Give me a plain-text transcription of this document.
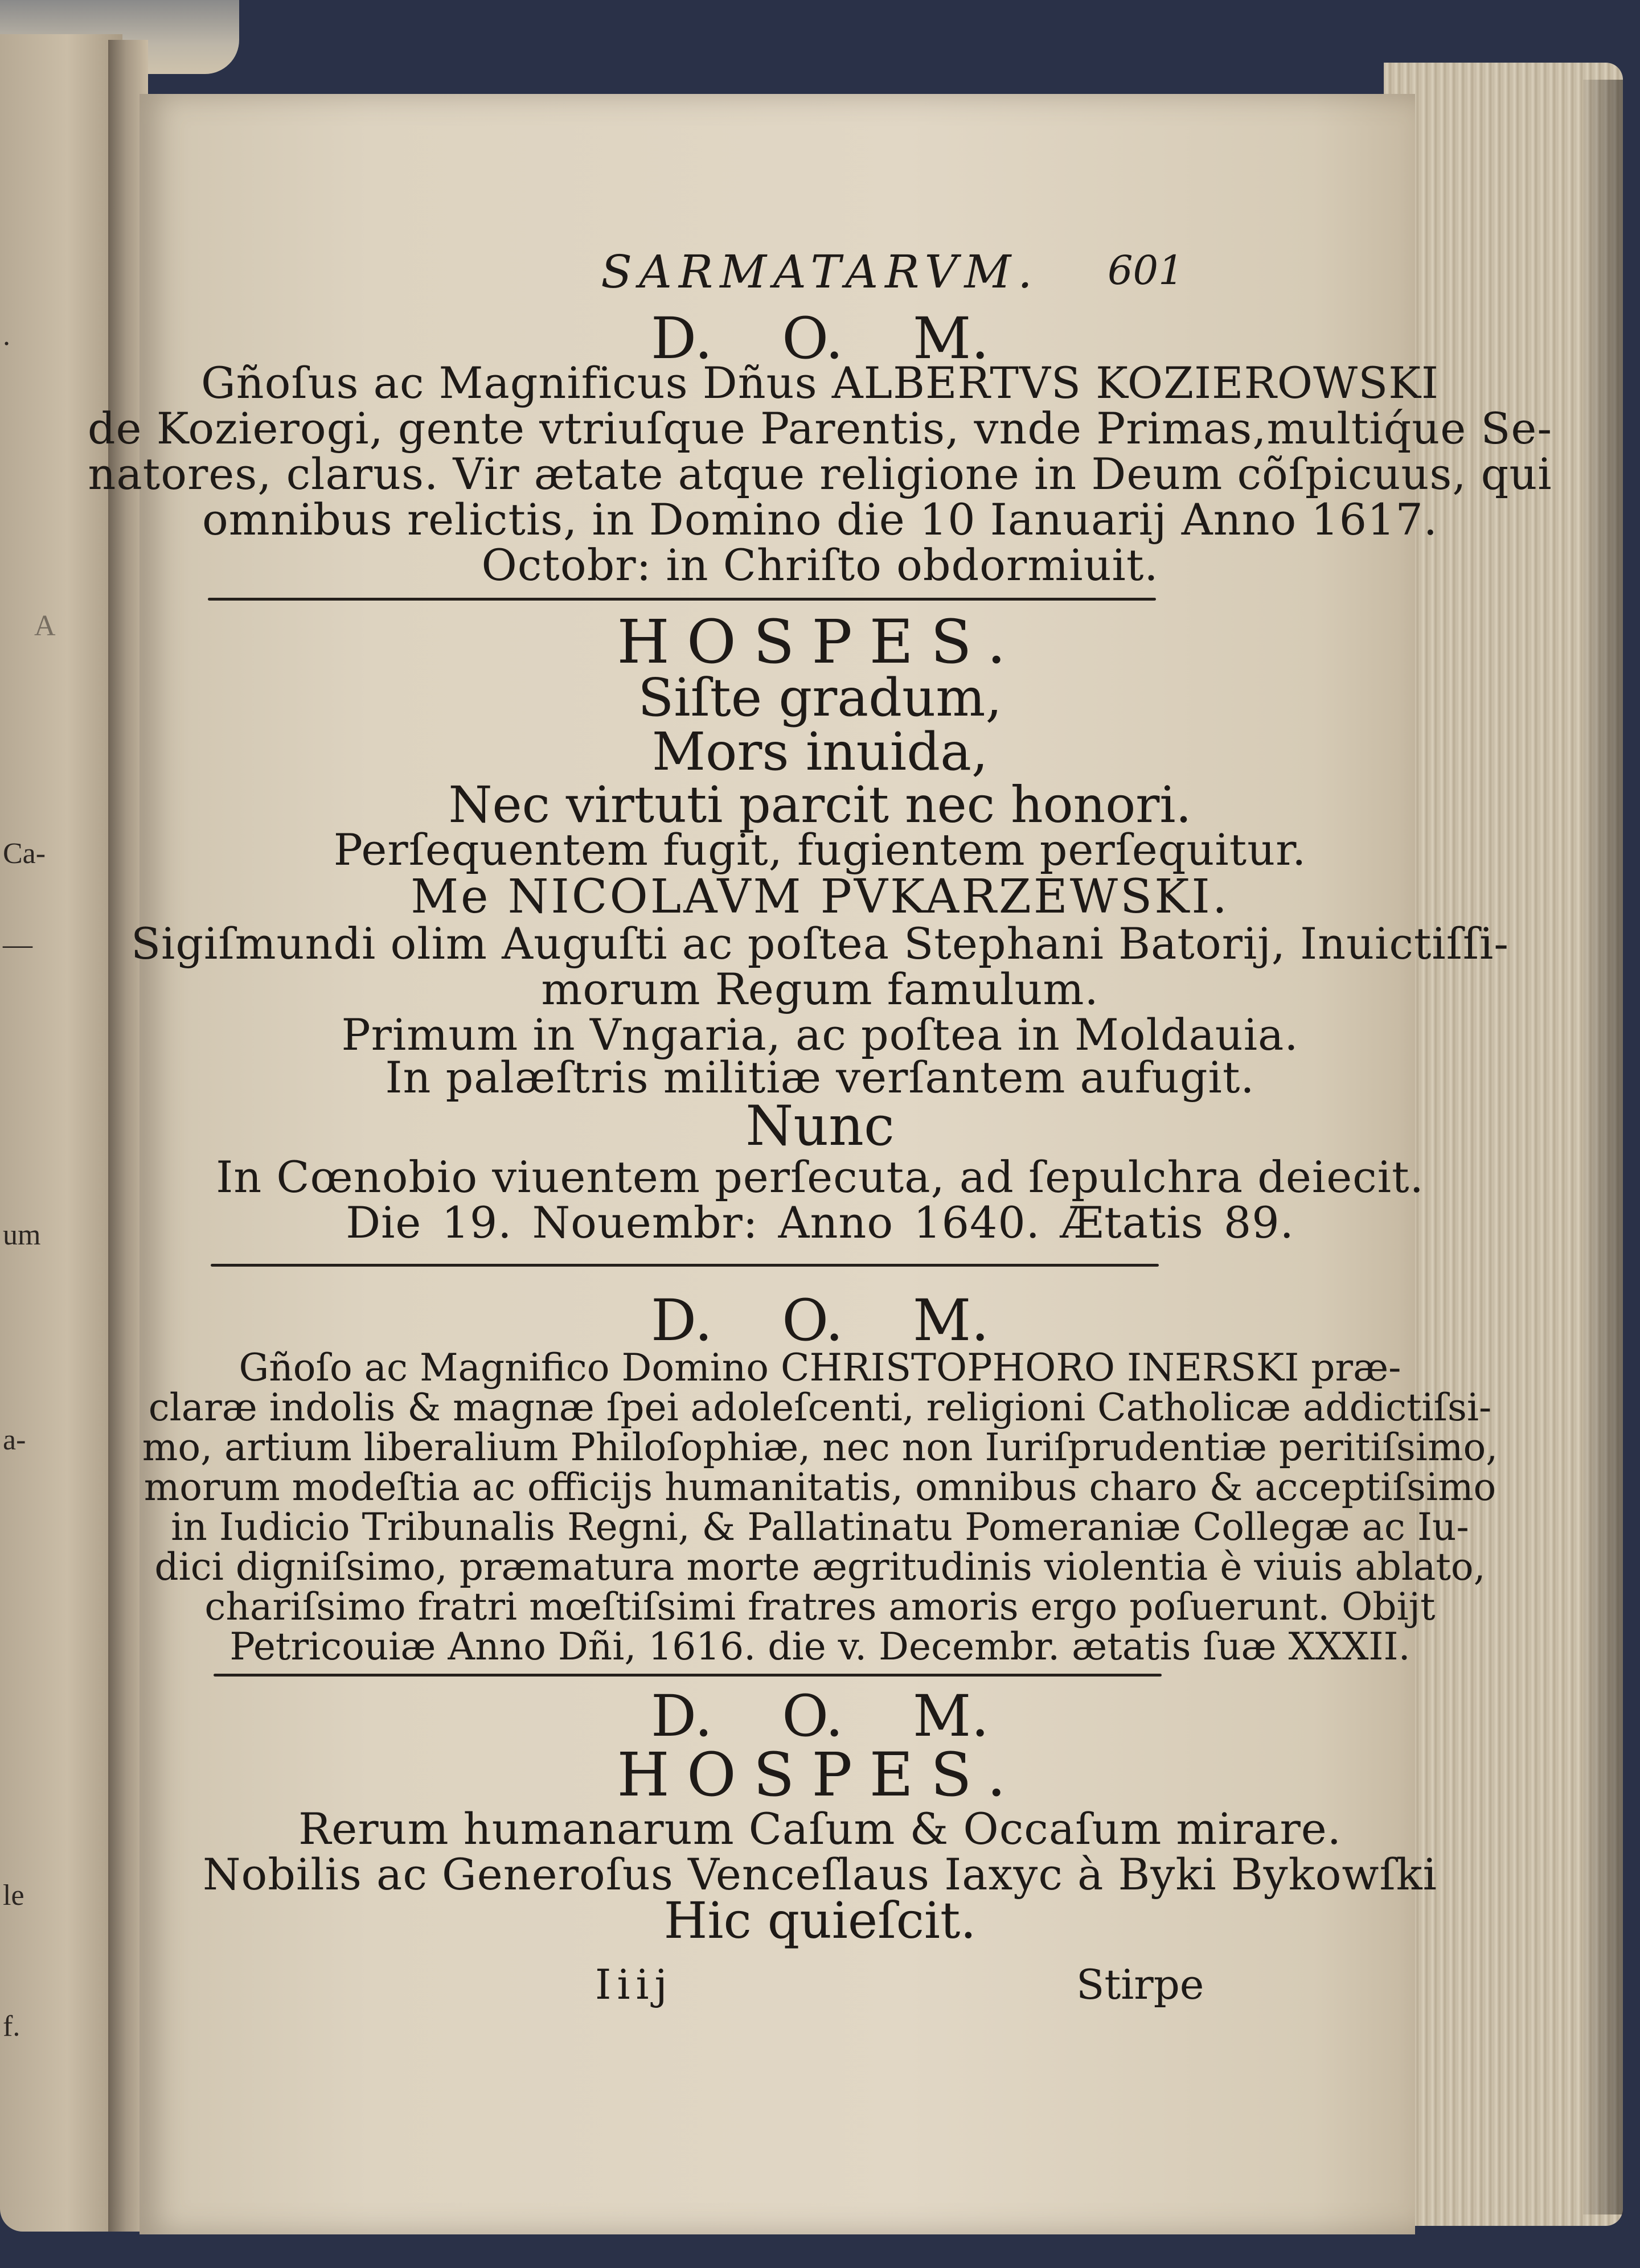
.
A
Ca-
—
um
a-
le
f.
SARMATARVM.	601
D. O. M.
Gñoſus ac Magnificus Dñus ALBERTVS KOZIEROWSKI
de Kozierogi, gente vtriuſque Parentis, vnde Primas,multiq́ue Se-
natores, clarus. Vir ætate atque religione in Deum cõſpicuus, qui
omnibus relictis, in Domino die 10 Ianuarij Anno 1617.
Octobr: in Chriſto obdormiuit.
HOSPES.
Siſte gradum,
Mors inuida,
Nec virtuti parcit nec honori.
Perſequentem fugit, fugientem perſequitur.
Me NICOLAVM PVKARZEWSKI.
Sigiſmundi olim Auguſti ac poſtea Stephani Batorij, Inuictiſſi-
morum Regum famulum.
Primum in Vngaria, ac poſtea in Moldauia.
In palæſtris militiæ verſantem aufugit.
Nunc
In Cœnobio viuentem perſecuta, ad ſepulchra deiecit.
Die 19. Nouembr: Anno 1640. Ætatis 89.
D. O. M.
Gñoſo ac Magnifico Domino CHRISTOPHORO INERSKI præ-
claræ indolis & magnæ ſpei adoleſcenti, religioni Catholicæ addictiſsi-
mo, artium liberalium Philoſophiæ, nec non Iuriſprudentiæ peritiſsimo,
morum modeſtia ac officijs humanitatis, omnibus charo & acceptiſsimo
in Iudicio Tribunalis Regni, & Pallatinatu Pomeraniæ Collegæ ac Iu-
dici digniſsimo, præmatura morte ægritudinis violentia è viuis ablato,
chariſsimo fratri mœſtiſsimi fratres amoris ergo poſuerunt. Obijt
Petricouiæ Anno Dñi, 1616. die v. Decembr. ætatis ſuæ XXXII.
D. O. M.
HOSPES.
Rerum humanarum Caſum & Occaſum mirare.
Nobilis ac Generoſus Venceſlaus Iaxyc à Byki Bykowſki
Hic quieſcit.
Iiij	Stirpe
